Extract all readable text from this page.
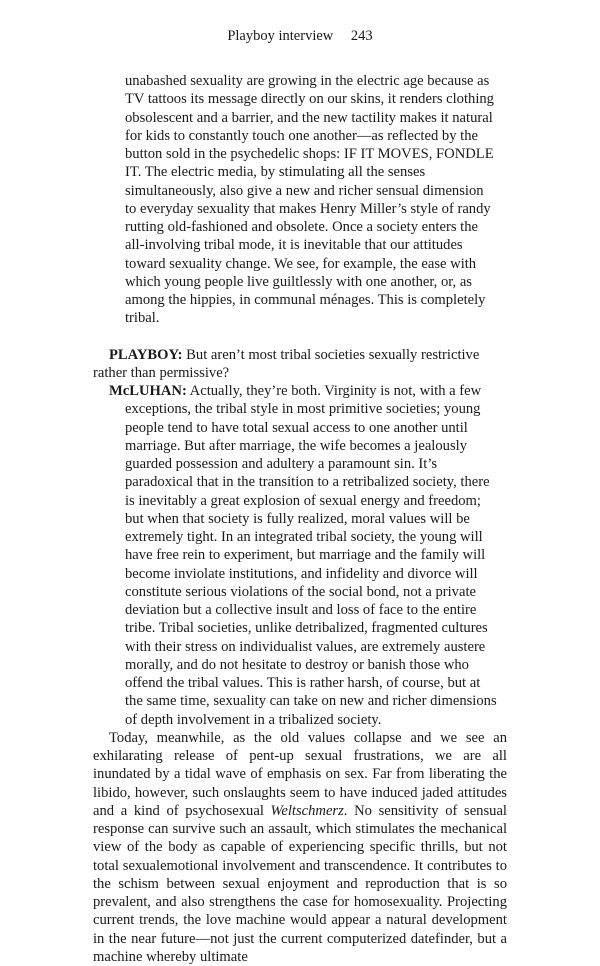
Playboy interview 243

unabashed sexuality are growing in the electric age because as TV tattoos its message directly on our skins, it renders clothing obsolescent and a barrier, and the new tactility makes it natural for kids to constantly touch one another—as reflected by the button sold in the psychedelic shops: IF IT MOVES, FONDLE IT. The electric media, by stimulating all the senses simultaneously, also give a new and richer sensual dimension to everyday sexuality that makes Henry Miller’s style of randy rutting old-fashioned and obsolete. Once a society enters the all-involving tribal mode, it is inevitable that our attitudes toward sexuality change. We see, for example, the ease with which young people live guiltlessly with one another, or, as among the hippies, in communal ménages. This is completely tribal.

PLAYBOY: But aren’t most tribal societies sexually restrictive rather than permissive?

McLUHAN: Actually, they’re both. Virginity is not, with a few exceptions, the tribal style in most primitive societies; young people tend to have total sexual access to one another until marriage. But after marriage, the wife becomes a jealously guarded possession and adultery a paramount sin. It’s paradoxical that in the transition to a retribalized society, there is inevitably a great explosion of sexual energy and freedom; but when that society is fully realized, moral values will be extremely tight. In an integrated tribal society, the young will have free rein to experiment, but marriage and the family will become inviolate institutions, and infidelity and divorce will constitute serious violations of the social bond, not a private deviation but a collective insult and loss of face to the entire tribe. Tribal societies, unlike detribalized, fragmented cultures with their stress on individualist values, are extremely austere morally, and do not hesitate to destroy or banish those who offend the tribal values. This is rather harsh, of course, but at the same time, sexuality can take on new and richer dimensions of depth involvement in a tribalized society.

Today, meanwhile, as the old values collapse and we see an exhilarating release of pent-up sexual frustrations, we are all inundated by a tidal wave of emphasis on sex. Far from liberating the libido, however, such onslaughts seem to have induced jaded attitudes and a kind of psychosexual Weltschmerz. No sensitivity of sensual response can survive such an assault, which stimulates the mechanical view of the body as capable of experiencing specific thrills, but not total sexualemotional involvement and transcendence. It contributes to the schism between sexual enjoyment and reproduction that is so prevalent, and also strengthens the case for homosexuality. Projecting current trends, the love machine would appear a natural development in the near future—not just the current computerized datefinder, but a machine whereby ultimate
